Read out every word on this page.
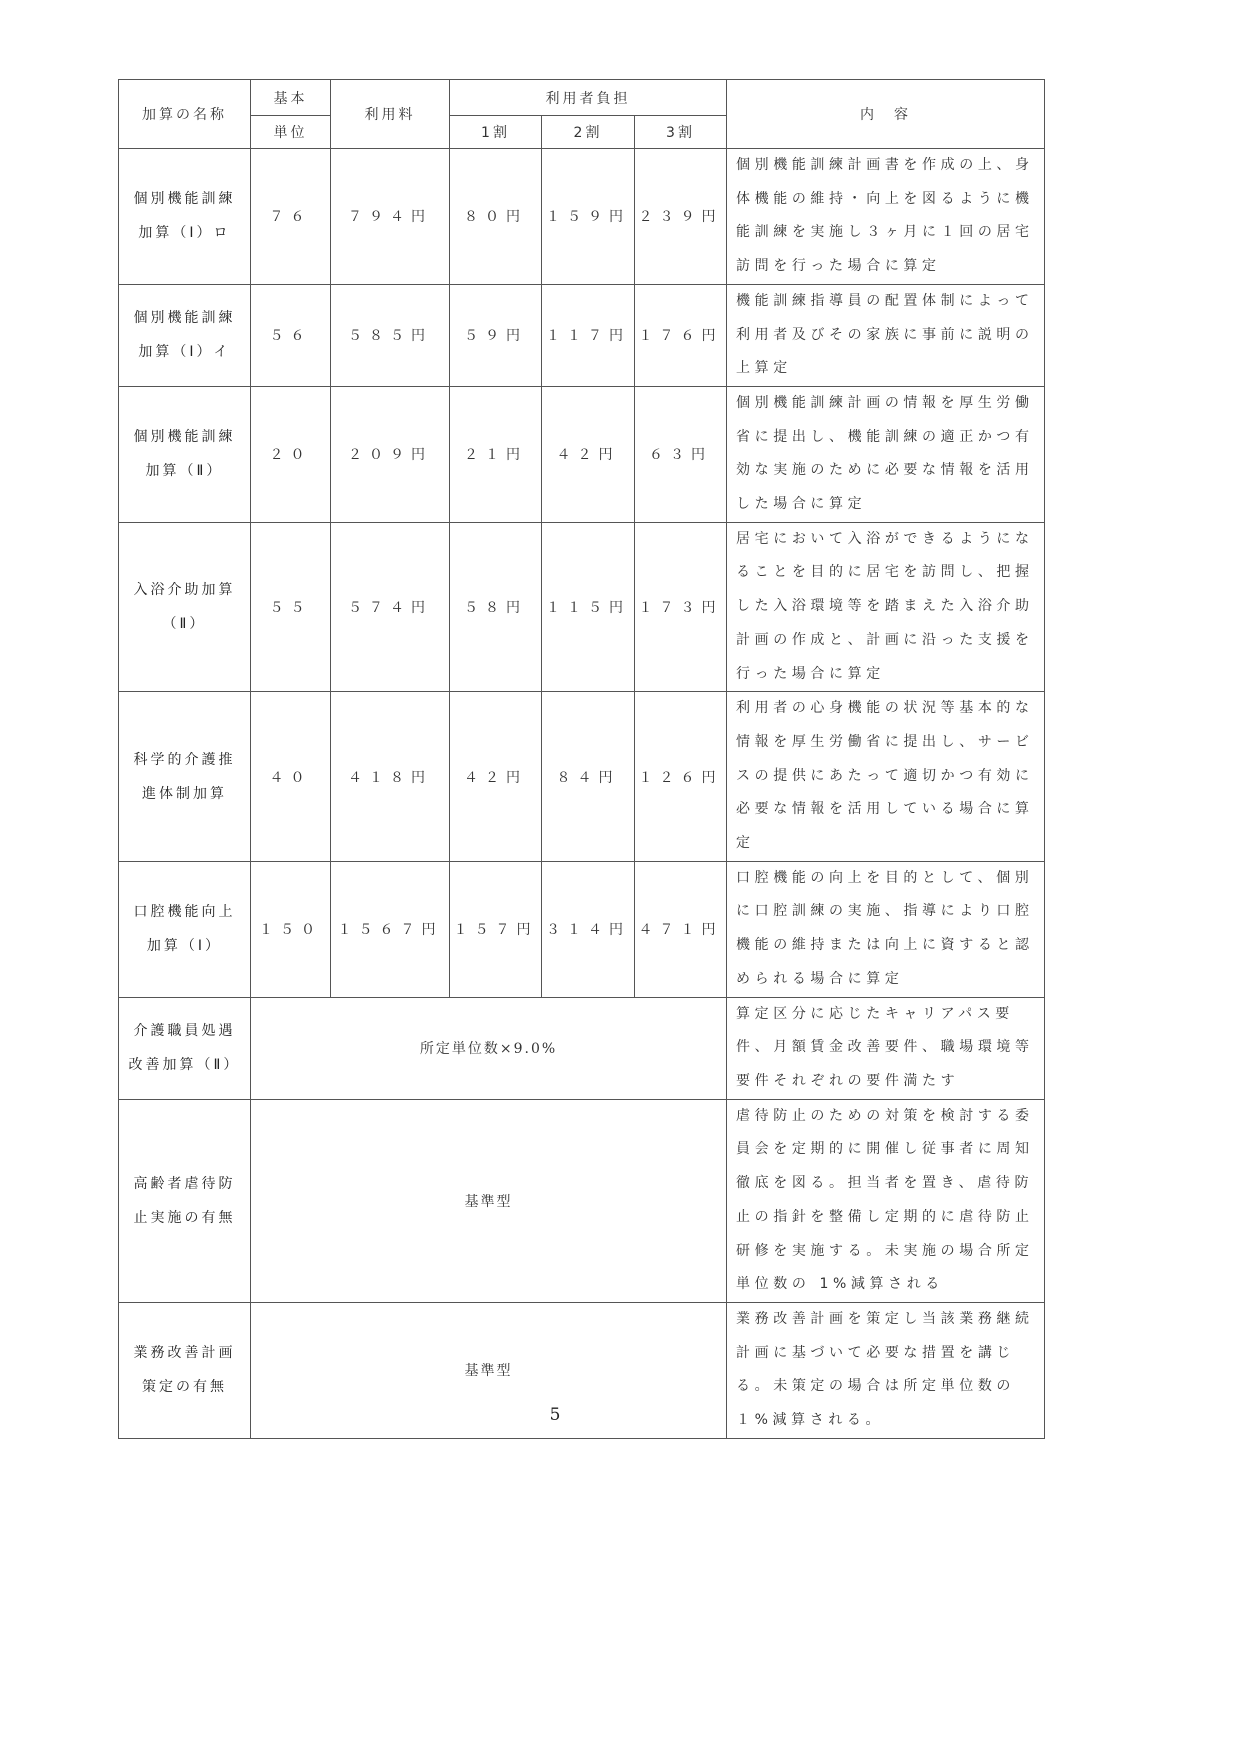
加算の名称	基本	利用料	利用者負担			内　容
	単位		1割	2割	3割	
個別機能訓練
加算（Ⅰ）ロ	７６	７９４円	８０円	１５９円	２３９円	個別機能訓練計画書を作成の上、身体機能の維持・向上を図るように機能訓練を実施し３ヶ月に１回の居宅訪問を行った場合に算定
個別機能訓練
加算（Ⅰ）イ	５６	５８５円	５９円	１１７円	１７６円	機能訓練指導員の配置体制によって利用者及びその家族に事前に説明の上算定
個別機能訓練
加算（Ⅱ）	２０	２０９円	２１円	４２円	６３円	個別機能訓練計画の情報を厚生労働省に提出し、機能訓練の適正かつ有効な実施のために必要な情報を活用した場合に算定
入浴介助加算
（Ⅱ）	５５	５７４円	５８円	１１５円	１７３円	居宅において入浴ができるようになることを目的に居宅を訪問し、把握した入浴環境等を踏まえた入浴介助計画の作成と、計画に沿った支援を行った場合に算定
科学的介護推
進体制加算	４０	４１８円	４２円	８４円	１２６円	利用者の心身機能の状況等基本的な情報を厚生労働省に提出し、サービスの提供にあたって適切かつ有効に必要な情報を活用している場合に算定
口腔機能向上
加算（Ⅰ）	１５０	１５６７円	１５７円	３１４円	４７１円	口腔機能の向上を目的として、個別に口腔訓練の実施、指導により口腔機能の維持または向上に資すると認められる場合に算定
介護職員処遇
改善加算（Ⅱ）	所定単位数×9.0%					算定区分に応じたキャリアパス要件、月額賃金改善要件、職場環境等要件それぞれの要件満たす
高齢者虐待防
止実施の有無	基準型					虐待防止のための対策を検討する委員会を定期的に開催し従事者に周知徹底を図る。担当者を置き、虐待防止の指針を整備し定期的に虐待防止研修を実施する。未実施の場合所定単位数の 1%減算される
業務改善計画
策定の有無	基準型					業務改善計画を策定し当該業務継続計画に基づいて必要な措置を講じる。未策定の場合は所定単位数の１%減算される。
5
